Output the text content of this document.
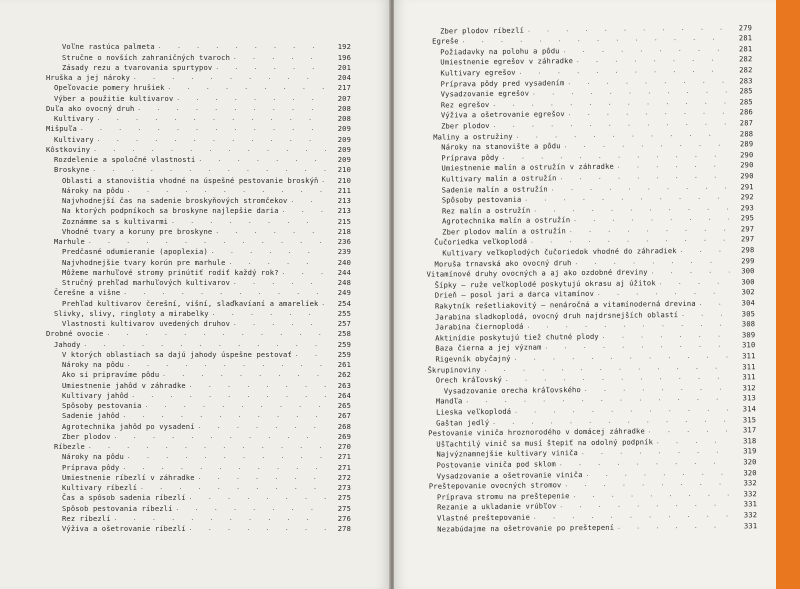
Voľne rastúca palmeta . . .	192
Stručne o novších zahraničných tvaroch . . .	196
Zásady rezu a tvarovania spurtypov . . .	201
Hruška a jej nároky . . .	204
Opeľovacie pomery hrušiek . . .	217
Výber a použitie kultivarov . . .	207
Duľa ako ovocný druh . . .	208
Kultivary . . .	208
Mišpuľa . . .	209
Kultivary . . .	209
Kôstkoviny . . .	209
Rozdelenie a spoločné vlastnosti . . .	209
Broskyne . . .	210
Oblasti a stanovištia vhodné na úspešné pestovanie broskýň . . .	210
Nároky na pôdu . . .	211
Najvhodnejší čas na sadenie broskyňových stromčekov . . .	213
Na ktorých podpníkoch sa broskyne najlepšie daria . . .	213
Zoznámme sa s kultivarmi . . .	215
Vhodné tvary a koruny pre broskyne . . .	218
Marhule . . .	236
Predčasné odumieranie (apoplexia) . . .	239
Najvhodnejšie tvary korún pre marhule . . .	240
Môžeme marhuľové stromy prinútiť rodiť každý rok? . . .	244
Stručný prehľad marhuľových kultivarov . . .	248
Čerešne a višne . . .	249
Prehľad kultivarov čerešní, višní, slaďkavíaní a amarelíek . . .	254
Slivky, slivy, ringloty a mirabelky . . .	255
Vlastnosti kultivarov uvedených druhov . . .	257
Drobné ovocie . . .	258
Jahody . . .	259
V ktorých oblastiach sa dajú jahody úspešne pestovať . . .	259
Nároky na pôdu . . .	261
Ako si pripravíme pôdu . . .	262
Umiestnenie jahôd v záhradke . . .	263
Kultivary jahôd . . .	264
Spôsoby pestovania . . .	265
Sadenie jahôd . . .	267
Agrotechnika jahôd po vysadení . . .	268
Zber plodov . . .	269
Ríbezle . . .	270
Nároky na pôdu . . .	271
Príprava pôdy . . .	271
Umiestnenie ríbezlí v záhradke . . .	272
Kultivary ríbezlí . . .	273
Čas a spôsob sadenia ríbezlí . . .	275
Spôsob pestovania ríbezlí . . .	275
Rez ríbezlí . . .	276
Výživa a ošetrovanie ríbezlí . . .	278
Zber plodov ríbezlí . . .	279
Egreše . . .	281
Požiadavky na polohu a pôdu . . .	281
Umiestnenie egrešov v záhradke . . .	282
Kultivary egrešov . . .	282
Príprava pôdy pred vysadením . . .	283
Vysadzovanie egrešov . . .	285
Rez egrešov . . .	285
Výživa a ošetrovanie egrešov . . .	286
Zber plodov . . .	287
Maliny a ostružiny . . .	288
Nároky na stanovište a pôdu . . .	289
Príprava pôdy . . .	290
Umiestnenie malín a ostružín v záhradke . . .	290
Kultivary malín a ostružín . . .	290
Sadenie malín a ostružín . . .	291
Spôsoby pestovania . . .	292
Rez malín a ostružín . . .	293
Agrotechnika malín a ostružín . . .	295
Zber plodov malín a ostružín . . .	297
Čučoriedka veľkoplodá . . .	297
Kultivary veľkoplodých čučoriedok vhodné do záhradiek . . .	298
Moruša trnavská ako ovocný druh . . .	299
Vitamínové druhy ovocných a aj ako ozdobné dreviny . . .	300
Šípky — ruže veľkoplodé poskytujú okrasu aj úžitok . . .	300
Drieň — posol jari a darca vitamínov . . .	302
Rakytník rešetliakovitý — nenáročná a vitamínoderná drevina . . .	304
Jarabina sladkoplodá, ovocný druh najdrsnejších oblastí . . .	305
Jarabina čiernoplodá . . .	308
Aktinídie poskytujú tiež chutné plody . . .	309
Baza čierna a jej význam . . .	310
Rigevník obyčajný . . .	311
Škrupinoviny . . .	311
Orech kráľovský . . .	311
Vysadzovanie orecha kráľovského . . .	312
Mandľa . . .	313
Lieska veľkoplodá . . .	314
Gaštan jedlý . . .	315
Pestovanie viniča hroznorodého v domácej záhradke . . .	317
Ušľachtilý vinič sa musí štepiť na odolný podpník . . .	318
Najvýznamnejšie kultivary viniča . . .	319
Postovanie viniča pod sklom . . .	320
Vysadzovanie a ošetrovanie viniča . . .	320
Preštepovanie ovocných stromov . . .	332
Príprava stromu na preštepenie . . .	332
Rezanie a ukladanie vrúbľov . . .	331
Vlastné preštepovanie . . .	332
Nezabúdajme na ošetrovanie po preštepení . . .	331
